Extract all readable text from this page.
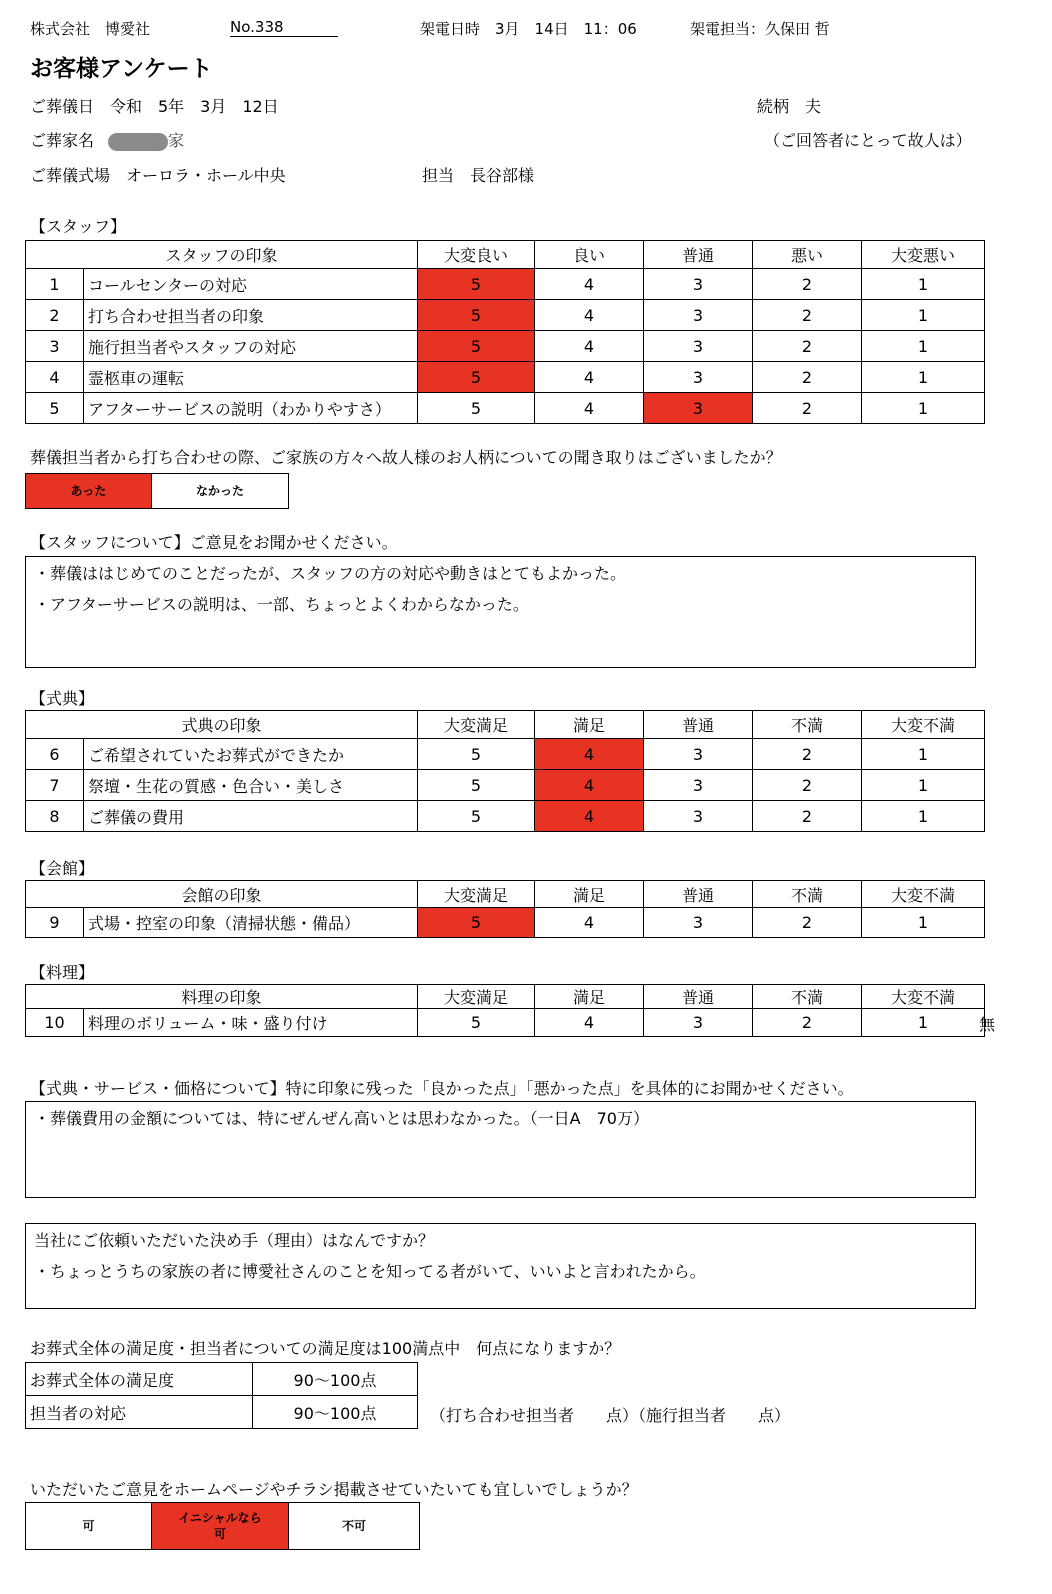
株式会社　博愛社	No.338	架電日時　3月　14日　11：06	架電担当：久保田 哲
お客様アンケート
ご葬儀日　令和　5年　3月　12日	続柄　夫
ご葬家名	家	（ご回答者にとって故人は）
ご葬儀式場　オーロラ・ホール中央	担当　長谷部様
【スタッフ】
スタッフの印象		大変良い	良い	普通	悪い	大変悪い
1	コールセンターの対応	5	4	3	2	1
2	打ち合わせ担当者の印象	5	4	3	2	1
3	施行担当者やスタッフの対応	5	4	3	2	1
4	霊柩車の運転	5	4	3	2	1
5	アフターサービスの説明（わかりやすさ）	5	4	3	2	1
葬儀担当者から打ち合わせの際、ご家族の方々へ故人様のお人柄についての聞き取りはございましたか？
あった	なかった
【スタッフについて】ご意見をお聞かせください。
・葬儀ははじめてのことだったが、スタッフの方の対応や動きはとてもよかった。
・アフターサービスの説明は、一部、ちょっとよくわからなかった。
【式典】
式典の印象		大変満足	満足	普通	不満	大変不満
6	ご希望されていたお葬式ができたか	5	4	3	2	1
7	祭壇・生花の質感・色合い・美しさ	5	4	3	2	1
8	ご葬儀の費用	5	4	3	2	1
【会館】
会館の印象		大変満足	満足	普通	不満	大変不満
9	式場・控室の印象（清掃状態・備品）	5	4	3	2	1
【料理】
料理の印象		大変満足	満足	普通	不満	大変不満
10	料理のボリューム・味・盛り付け	5	4	3	2	1	無
【式典・サービス・価格について】特に印象に残った「良かった点」「悪かった点」を具体的にお聞かせください。
・葬儀費用の金額については、特にぜんぜん高いとは思わなかった。（一日A　70万）
当社にご依頼いただいた決め手（理由）はなんですか？
・ちょっとうちの家族の者に博愛社さんのことを知ってる者がいて、いいよと言われたから。
お葬式全体の満足度・担当者についての満足度は100満点中　何点になりますか？
お葬式全体の満足度	90～100点
担当者の対応	90～100点	（打ち合わせ担当者　　点）（施行担当者　　点）
いただいたご意見をホームページやチラシ掲載させていたいても宜しいでしょうか？
可
イニシャルなら
可
不可
